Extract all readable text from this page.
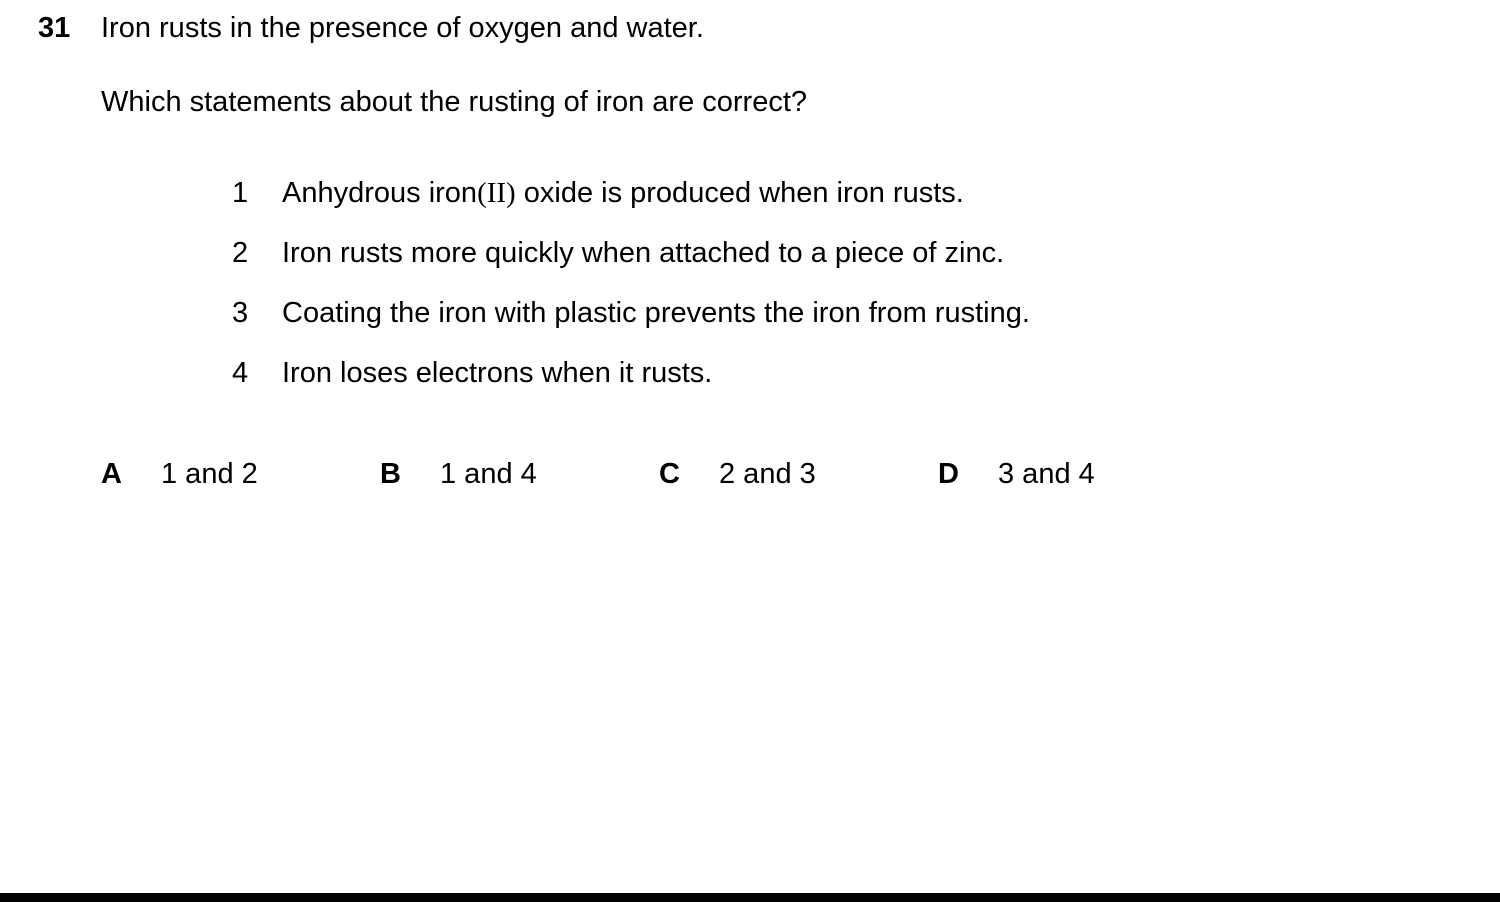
31 Iron rusts in the presence of oxygen and water.
Which statements about the rusting of iron are correct?
1 Anhydrous iron(II) oxide is produced when iron rusts.
2 Iron rusts more quickly when attached to a piece of zinc.
3 Coating the iron with plastic prevents the iron from rusting.
4 Iron loses electrons when it rusts.
A 1 and 2	B 1 and 4	C 2 and 3	D 3 and 4
